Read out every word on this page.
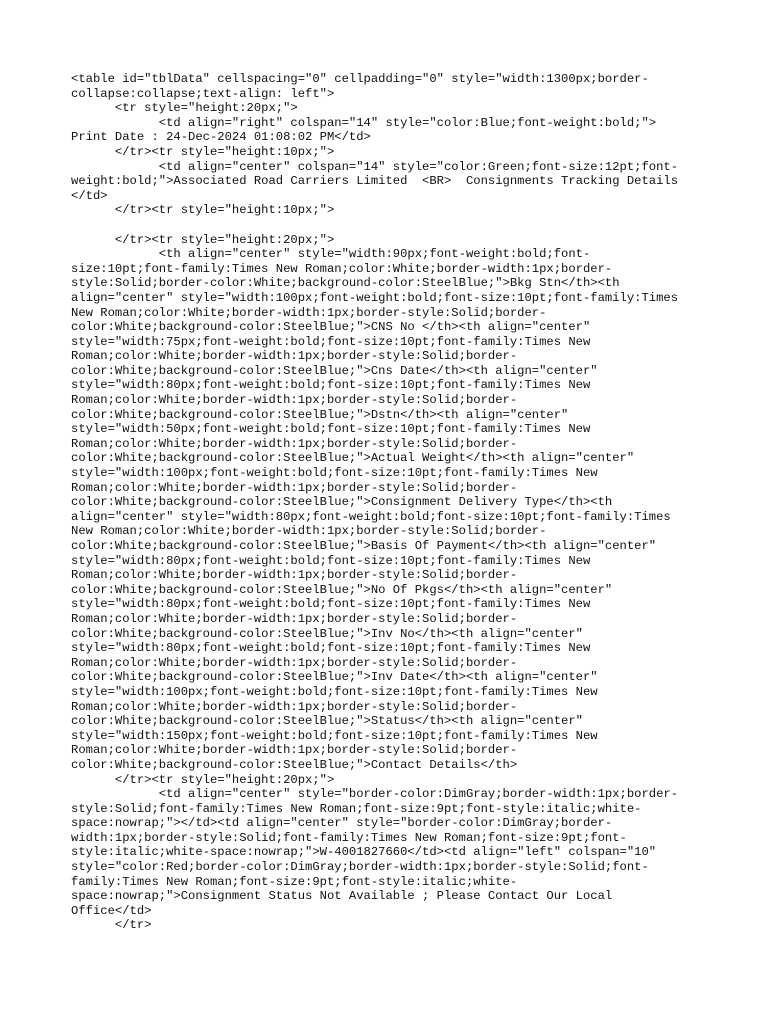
<table id="tblData" cellspacing="0" cellpadding="0" style="width:1300px;border-
collapse:collapse;text-align: left">
<tr style="height:20px;">
<td align="right" colspan="14" style="color:Blue;font-weight:bold;">
Print Date : 24-Dec-2024 01:08:02 PM</td>
</tr><tr style="height:10px;">
<td align="center" colspan="14" style="color:Green;font-size:12pt;font-
weight:bold;">Associated Road Carriers Limited  <BR>  Consignments Tracking Details
</td>
</tr><tr style="height:10px;">
</tr><tr style="height:20px;">
<th align="center" style="width:90px;font-weight:bold;font-
size:10pt;font-family:Times New Roman;color:White;border-width:1px;border-
style:Solid;border-color:White;background-color:SteelBlue;">Bkg Stn</th><th
align="center" style="width:100px;font-weight:bold;font-size:10pt;font-family:Times
New Roman;color:White;border-width:1px;border-style:Solid;border-
color:White;background-color:SteelBlue;">CNS No </th><th align="center"
style="width:75px;font-weight:bold;font-size:10pt;font-family:Times New
Roman;color:White;border-width:1px;border-style:Solid;border-
color:White;background-color:SteelBlue;">Cns Date</th><th align="center"
style="width:80px;font-weight:bold;font-size:10pt;font-family:Times New
Roman;color:White;border-width:1px;border-style:Solid;border-
color:White;background-color:SteelBlue;">Dstn</th><th align="center"
style="width:50px;font-weight:bold;font-size:10pt;font-family:Times New
Roman;color:White;border-width:1px;border-style:Solid;border-
color:White;background-color:SteelBlue;">Actual Weight</th><th align="center"
style="width:100px;font-weight:bold;font-size:10pt;font-family:Times New
Roman;color:White;border-width:1px;border-style:Solid;border-
color:White;background-color:SteelBlue;">Consignment Delivery Type</th><th
align="center" style="width:80px;font-weight:bold;font-size:10pt;font-family:Times
New Roman;color:White;border-width:1px;border-style:Solid;border-
color:White;background-color:SteelBlue;">Basis Of Payment</th><th align="center"
style="width:80px;font-weight:bold;font-size:10pt;font-family:Times New
Roman;color:White;border-width:1px;border-style:Solid;border-
color:White;background-color:SteelBlue;">No Of Pkgs</th><th align="center"
style="width:80px;font-weight:bold;font-size:10pt;font-family:Times New
Roman;color:White;border-width:1px;border-style:Solid;border-
color:White;background-color:SteelBlue;">Inv No</th><th align="center"
style="width:80px;font-weight:bold;font-size:10pt;font-family:Times New
Roman;color:White;border-width:1px;border-style:Solid;border-
color:White;background-color:SteelBlue;">Inv Date</th><th align="center"
style="width:100px;font-weight:bold;font-size:10pt;font-family:Times New
Roman;color:White;border-width:1px;border-style:Solid;border-
color:White;background-color:SteelBlue;">Status</th><th align="center"
style="width:150px;font-weight:bold;font-size:10pt;font-family:Times New
Roman;color:White;border-width:1px;border-style:Solid;border-
color:White;background-color:SteelBlue;">Contact Details</th>
</tr><tr style="height:20px;">
<td align="center" style="border-color:DimGray;border-width:1px;border-
style:Solid;font-family:Times New Roman;font-size:9pt;font-style:italic;white-
space:nowrap;"></td><td align="center" style="border-color:DimGray;border-
width:1px;border-style:Solid;font-family:Times New Roman;font-size:9pt;font-
style:italic;white-space:nowrap;">W-4001827660</td><td align="left" colspan="10"
style="color:Red;border-color:DimGray;border-width:1px;border-style:Solid;font-
family:Times New Roman;font-size:9pt;font-style:italic;white-
space:nowrap;">Consignment Status Not Available ; Please Contact Our Local
Office</td>
</tr>
